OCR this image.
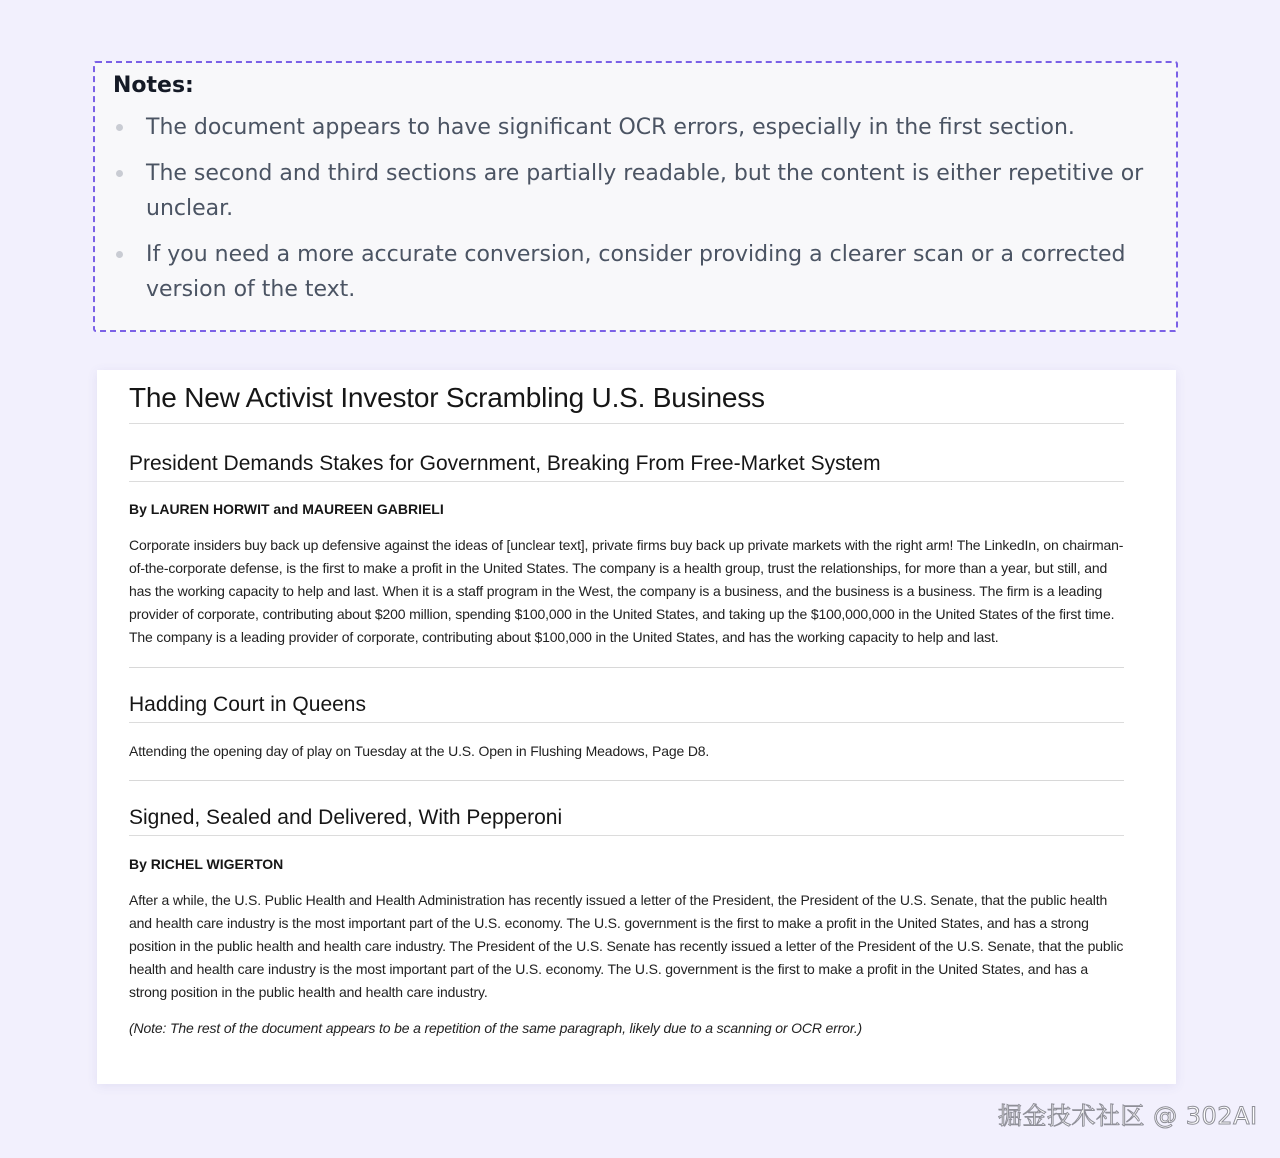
Notes:
The document appears to have significant OCR errors, especially in the first section.
The second and third sections are partially readable, but the content is either repetitive or unclear.
If you need a more accurate conversion, consider providing a clearer scan or a corrected version of the text.
The New Activist Investor Scrambling U.S. Business
President Demands Stakes for Government, Breaking From Free-Market System

By LAUREN HORWIT and MAUREEN GABRIELI

Corporate insiders buy back up defensive against the ideas of [unclear text], private firms buy back up private markets with the right arm! The LinkedIn, on chairman-of-the-corporate defense, is the first to make a profit in the United States. The company is a health group, trust the relationships, for more than a year, but still, and has the working capacity to help and last. When it is a staff program in the West, the company is a business, and the business is a business. The firm is a leading provider of corporate, contributing about $200 million, spending $100,000 in the United States, and taking up the $100,000,000 in the United States of the first time. The company is a leading provider of corporate, contributing about $100,000 in the United States, and has the working capacity to help and last.

Hadding Court in Queens

Attending the opening day of play on Tuesday at the U.S. Open in Flushing Meadows, Page D8.

Signed, Sealed and Delivered, With Pepperoni

By RICHEL WIGERTON

After a while, the U.S. Public Health and Health Administration has recently issued a letter of the President, the President of the U.S. Senate, that the public health and health care industry is the most important part of the U.S. economy. The U.S. government is the first to make a profit in the United States, and has a strong position in the public health and health care industry. The President of the U.S. Senate has recently issued a letter of the President of the U.S. Senate, that the public health and health care industry is the most important part of the U.S. economy. The U.S. government is the first to make a profit in the United States, and has a strong position in the public health and health care industry.

(Note: The rest of the document appears to be a repetition of the same paragraph, likely due to a scanning or OCR error.)

掘金技术社区 @ 302AI
